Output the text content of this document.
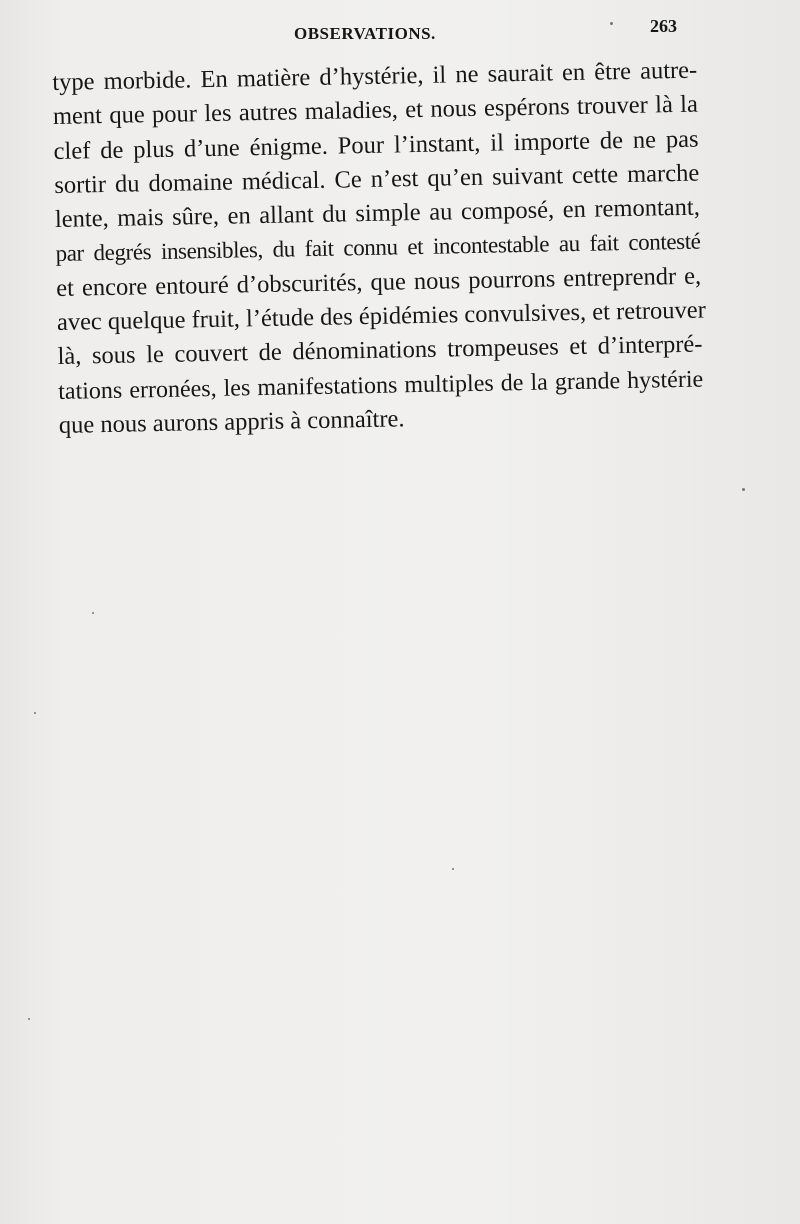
OBSERVATIONS.	263
type morbide. En matière d’hystérie, il ne saurait en être autre-
ment que pour les autres maladies, et nous espérons trouver là la
clef de plus d’une énigme. Pour l’instant, il importe de ne pas
sortir du domaine médical. Ce n’est qu’en suivant cette marche
lente, mais sûre, en allant du simple au composé, en remontant,
par degrés insensibles, du fait connu et incontestable au fait contesté
et encore entouré d’obscurités, que nous pourrons entreprendr e,
avec quelque fruit, l’étude des épidémies convulsives, et retrouver
là, sous le couvert de dénominations trompeuses et d’interpré-
tations erronées, les manifestations multiples de la grande hystérie
que nous aurons appris à connaître.
